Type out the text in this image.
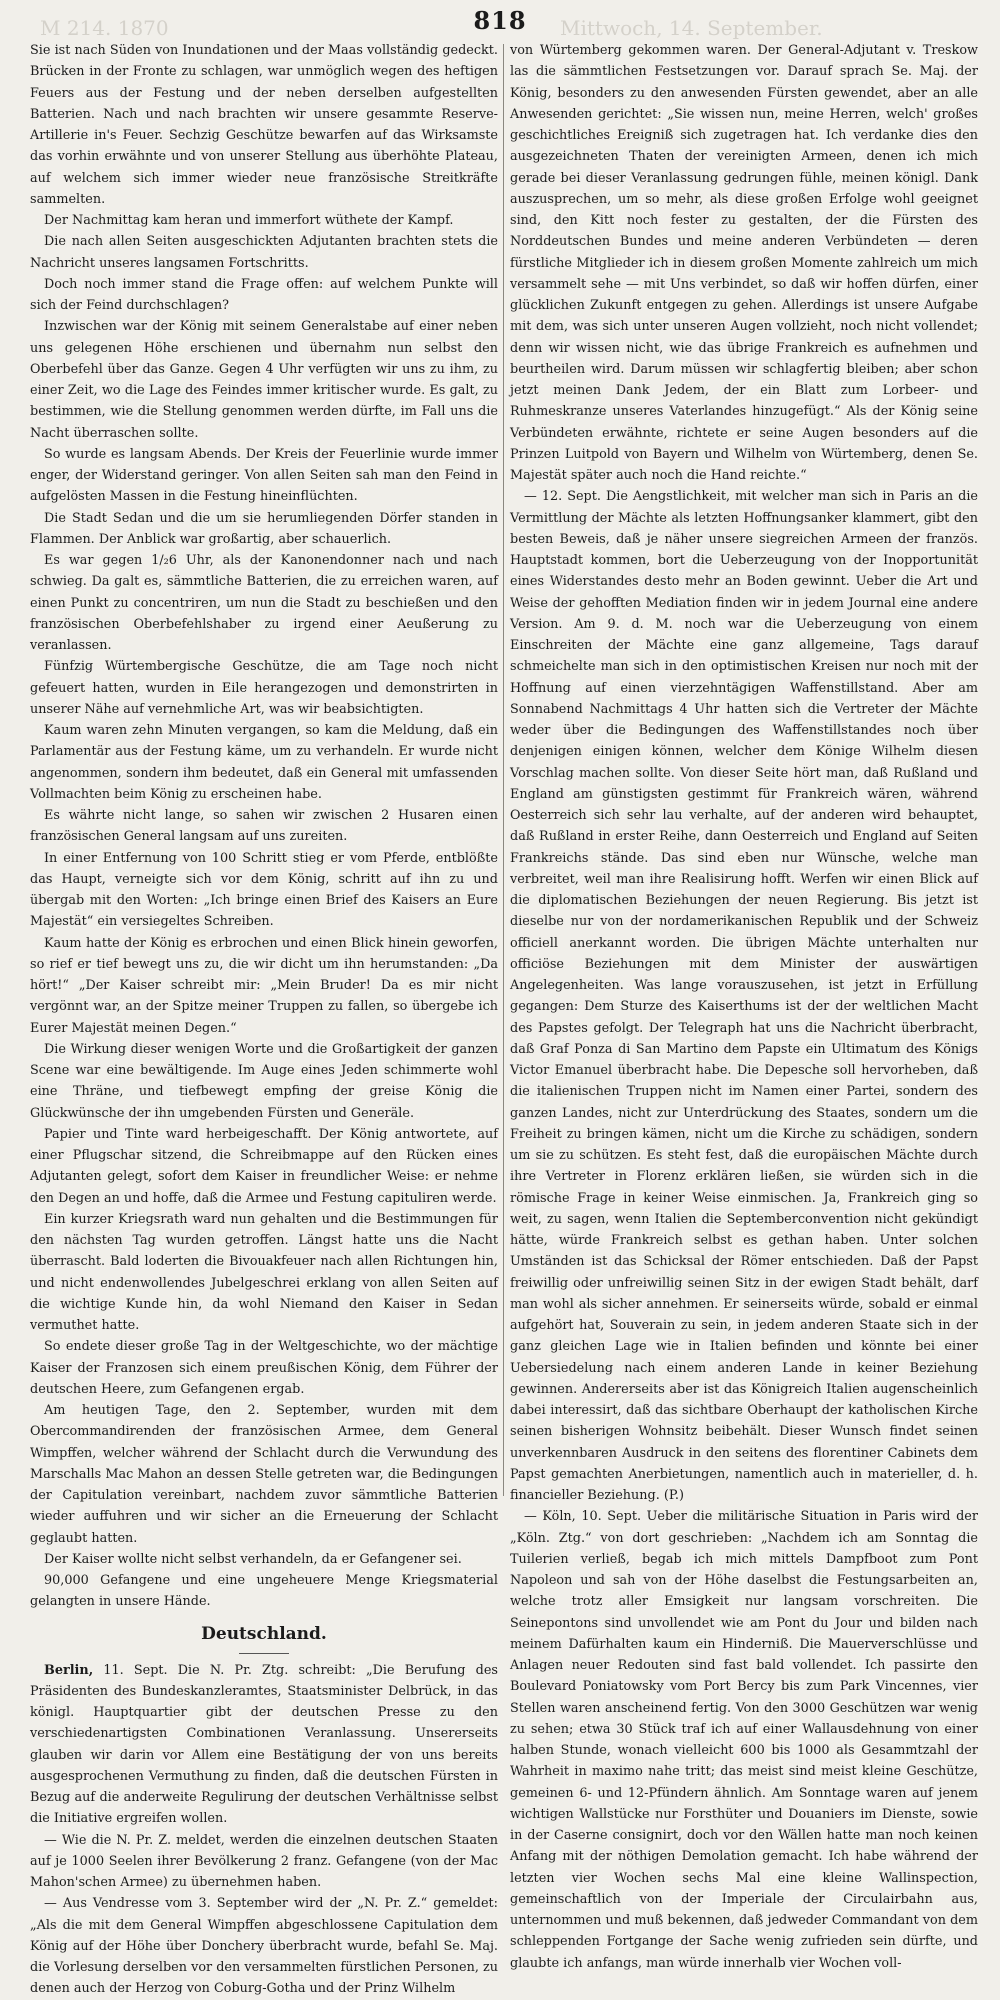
M 214. 1870	818 Mittwoch, 14. September.

Sie ist nach Süden von Inundationen und der Maas vollständig gedeckt. Brücken in der Fronte zu schlagen, war unmöglich wegen des heftigen Feuers aus der Festung und der neben derselben aufgestellten Batterien. Nach und nach brachten wir unsere gesammte Reserve-Artillerie in's Feuer. Sechzig Geschütze bewarfen auf das Wirksamste das vorhin erwähnte und von unserer Stellung aus überhöhte Plateau, auf welchem sich immer wieder neue französische Streitkräfte sammelten.

Der Nachmittag kam heran und immerfort wüthete der Kampf.

Die nach allen Seiten ausgeschickten Adjutanten brachten stets die Nachricht unseres langsamen Fortschritts.

Doch noch immer stand die Frage offen: auf welchem Punkte will sich der Feind durchschlagen?

Inzwischen war der König mit seinem Generalstabe auf einer neben uns gelegenen Höhe erschienen und übernahm nun selbst den Oberbefehl über das Ganze. Gegen 4 Uhr verfügten wir uns zu ihm, zu einer Zeit, wo die Lage des Feindes immer kritischer wurde. Es galt, zu bestimmen, wie die Stellung genommen werden dürfte, im Fall uns die Nacht überraschen sollte.

So wurde es langsam Abends. Der Kreis der Feuerlinie wurde immer enger, der Widerstand geringer. Von allen Seiten sah man den Feind in aufgelösten Massen in die Festung hineinflüchten.

Die Stadt Sedan und die um sie herumliegenden Dörfer standen in Flammen. Der Anblick war großartig, aber schauerlich.

Es war gegen 1/₂6 Uhr, als der Kanonendonner nach und nach schwieg. Da galt es, sämmtliche Batterien, die zu erreichen waren, auf einen Punkt zu concentriren, um nun die Stadt zu beschießen und den französischen Oberbefehlshaber zu irgend einer Aeußerung zu veranlassen.

Fünfzig Würtembergische Geschütze, die am Tage noch nicht gefeuert hatten, wurden in Eile herangezogen und demonstrirten in unserer Nähe auf vernehmliche Art, was wir beabsichtigten.

Kaum waren zehn Minuten vergangen, so kam die Meldung, daß ein Parlamentär aus der Festung käme, um zu verhandeln. Er wurde nicht angenommen, sondern ihm bedeutet, daß ein General mit umfassenden Vollmachten beim König zu erscheinen habe.

Es währte nicht lange, so sahen wir zwischen 2 Husaren einen französischen General langsam auf uns zureiten.

In einer Entfernung von 100 Schritt stieg er vom Pferde, entblößte das Haupt, verneigte sich vor dem König, schritt auf ihn zu und übergab mit den Worten: „Ich bringe einen Brief des Kaisers an Eure Majestät“ ein versiegeltes Schreiben.

Kaum hatte der König es erbrochen und einen Blick hinein geworfen, so rief er tief bewegt uns zu, die wir dicht um ihn herumstanden: „Da hört!“ „Der Kaiser schreibt mir: „Mein Bruder! Da es mir nicht vergönnt war, an der Spitze meiner Truppen zu fallen, so übergebe ich Eurer Majestät meinen Degen.“

Die Wirkung dieser wenigen Worte und die Großartigkeit der ganzen Scene war eine bewältigende. Im Auge eines Jeden schimmerte wohl eine Thräne, und tiefbewegt empfing der greise König die Glückwünsche der ihn umgebenden Fürsten und Generäle.

Papier und Tinte ward herbeigeschafft. Der König antwortete, auf einer Pflugschar sitzend, die Schreibmappe auf den Rücken eines Adjutanten gelegt, sofort dem Kaiser in freundlicher Weise: er nehme den Degen an und hoffe, daß die Armee und Festung capituliren werde.

Ein kurzer Kriegsrath ward nun gehalten und die Bestimmungen für den nächsten Tag wurden getroffen. Längst hatte uns die Nacht überrascht. Bald loderten die Bivouakfeuer nach allen Richtungen hin, und nicht endenwollendes Jubelgeschrei erklang von allen Seiten auf die wichtige Kunde hin, da wohl Niemand den Kaiser in Sedan vermuthet hatte.

So endete dieser große Tag in der Weltgeschichte, wo der mächtige Kaiser der Franzosen sich einem preußischen König, dem Führer der deutschen Heere, zum Gefangenen ergab.

Am heutigen Tage, den 2. September, wurden mit dem Obercommandirenden der französischen Armee, dem General Wimpffen, welcher während der Schlacht durch die Verwundung des Marschalls Mac Mahon an dessen Stelle getreten war, die Bedingungen der Capitulation vereinbart, nachdem zuvor sämmtliche Batterien wieder auffuhren und wir sicher an die Erneuerung der Schlacht geglaubt hatten.

Der Kaiser wollte nicht selbst verhandeln, da er Gefangener sei.

90,000 Gefangene und eine ungeheuere Menge Kriegsmaterial gelangten in unsere Hände.

Deutschland.

Berlin, 11. Sept. Die N. Pr. Ztg. schreibt: „Die Berufung des Präsidenten des Bundeskanzleramtes, Staatsminister Delbrück, in das königl. Hauptquartier gibt der deutschen Presse zu den verschiedenartigsten Combinationen Veranlassung. Unsererseits glauben wir darin vor Allem eine Bestätigung der von uns bereits ausgesprochenen Vermuthung zu finden, daß die deutschen Fürsten in Bezug auf die anderweite Regulirung der deutschen Verhältnisse selbst die Initiative ergreifen wollen.

— Wie die N. Pr. Z. meldet, werden die einzelnen deutschen Staaten auf je 1000 Seelen ihrer Bevölkerung 2 franz. Gefangene (von der Mac Mahon'schen Armee) zu übernehmen haben.

— Aus Vendresse vom 3. September wird der „N. Pr. Z.“ gemeldet: „Als die mit dem General Wimpffen abgeschlossene Capitulation dem König auf der Höhe über Donchery überbracht wurde, befahl Se. Maj. die Vorlesung derselben vor den versammelten fürstlichen Personen, zu denen auch der Herzog von Coburg-Gotha und der Prinz Wilhelm

von Würtemberg gekommen waren. Der General-Adjutant v. Treskow las die sämmtlichen Festsetzungen vor. Darauf sprach Se. Maj. der König, besonders zu den anwesenden Fürsten gewendet, aber an alle Anwesenden gerichtet: „Sie wissen nun, meine Herren, welch' großes geschichtliches Ereigniß sich zugetragen hat. Ich verdanke dies den ausgezeichneten Thaten der vereinigten Armeen, denen ich mich gerade bei dieser Veranlassung gedrungen fühle, meinen königl. Dank auszusprechen, um so mehr, als diese großen Erfolge wohl geeignet sind, den Kitt noch fester zu gestalten, der die Fürsten des Norddeutschen Bundes und meine anderen Verbündeten — deren fürstliche Mitglieder ich in diesem großen Momente zahlreich um mich versammelt sehe — mit Uns verbindet, so daß wir hoffen dürfen, einer glücklichen Zukunft entgegen zu gehen. Allerdings ist unsere Aufgabe mit dem, was sich unter unseren Augen vollzieht, noch nicht vollendet; denn wir wissen nicht, wie das übrige Frankreich es aufnehmen und beurtheilen wird. Darum müssen wir schlagfertig bleiben; aber schon jetzt meinen Dank Jedem, der ein Blatt zum Lorbeer- und Ruhmeskranze unseres Vaterlandes hinzugefügt.“ Als der König seine Verbündeten erwähnte, richtete er seine Augen besonders auf die Prinzen Luitpold von Bayern und Wilhelm von Würtemberg, denen Se. Majestät später auch noch die Hand reichte.“

— 12. Sept. Die Aengstlichkeit, mit welcher man sich in Paris an die Vermittlung der Mächte als letzten Hoffnungsanker klammert, gibt den besten Beweis, daß je näher unsere siegreichen Armeen der französ. Hauptstadt kommen, bort die Ueberzeugung von der Inopportunität eines Widerstandes desto mehr an Boden gewinnt. Ueber die Art und Weise der gehofften Mediation finden wir in jedem Journal eine andere Version. Am 9. d. M. noch war die Ueberzeugung von einem Einschreiten der Mächte eine ganz allgemeine, Tags darauf schmeichelte man sich in den optimistischen Kreisen nur noch mit der Hoffnung auf einen vierzehntägigen Waffenstillstand. Aber am Sonnabend Nachmittags 4 Uhr hatten sich die Vertreter der Mächte weder über die Bedingungen des Waffenstillstandes noch über denjenigen einigen können, welcher dem Könige Wilhelm diesen Vorschlag machen sollte. Von dieser Seite hört man, daß Rußland und England am günstigsten gestimmt für Frankreich wären, während Oesterreich sich sehr lau verhalte, auf der anderen wird behauptet, daß Rußland in erster Reihe, dann Oesterreich und England auf Seiten Frankreichs stände. Das sind eben nur Wünsche, welche man verbreitet, weil man ihre Realisirung hofft. Werfen wir einen Blick auf die diplomatischen Beziehungen der neuen Regierung. Bis jetzt ist dieselbe nur von der nordamerikanischen Republik und der Schweiz officiell anerkannt worden. Die übrigen Mächte unterhalten nur officiöse Beziehungen mit dem Minister der auswärtigen Angelegenheiten. Was lange vorauszusehen, ist jetzt in Erfüllung gegangen: Dem Sturze des Kaiserthums ist der der weltlichen Macht des Papstes gefolgt. Der Telegraph hat uns die Nachricht überbracht, daß Graf Ponza di San Martino dem Papste ein Ultimatum des Königs Victor Emanuel überbracht habe. Die Depesche soll hervorheben, daß die italienischen Truppen nicht im Namen einer Partei, sondern des ganzen Landes, nicht zur Unterdrückung des Staates, sondern um die Freiheit zu bringen kämen, nicht um die Kirche zu schädigen, sondern um sie zu schützen. Es steht fest, daß die europäischen Mächte durch ihre Vertreter in Florenz erklären ließen, sie würden sich in die römische Frage in keiner Weise einmischen. Ja, Frankreich ging so weit, zu sagen, wenn Italien die Septemberconvention nicht gekündigt hätte, würde Frankreich selbst es gethan haben. Unter solchen Umständen ist das Schicksal der Römer entschieden. Daß der Papst freiwillig oder unfreiwillig seinen Sitz in der ewigen Stadt behält, darf man wohl als sicher annehmen. Er seinerseits würde, sobald er einmal aufgehört hat, Souverain zu sein, in jedem anderen Staate sich in der ganz gleichen Lage wie in Italien befinden und könnte bei einer Uebersiedelung nach einem anderen Lande in keiner Beziehung gewinnen. Andererseits aber ist das Königreich Italien augenscheinlich dabei interessirt, daß das sichtbare Oberhaupt der katholischen Kirche seinen bisherigen Wohnsitz beibehält. Dieser Wunsch findet seinen unverkennbaren Ausdruck in den seitens des florentiner Cabinets dem Papst gemachten Anerbietungen, namentlich auch in materieller, d. h. financieller Beziehung. (P.)

— Köln, 10. Sept. Ueber die militärische Situation in Paris wird der „Köln. Ztg.“ von dort geschrieben: „Nachdem ich am Sonntag die Tuilerien verließ, begab ich mich mittels Dampfboot zum Pont Napoleon und sah von der Höhe daselbst die Festungsarbeiten an, welche trotz aller Emsigkeit nur langsam vorschreiten. Die Seinepontons sind unvollendet wie am Pont du Jour und bilden nach meinem Dafürhalten kaum ein Hinderniß. Die Mauerverschlüsse und Anlagen neuer Redouten sind fast bald vollendet. Ich passirte den Boulevard Poniatowsky vom Port Bercy bis zum Park Vincennes, vier Stellen waren anscheinend fertig. Von den 3000 Geschützen war wenig zu sehen; etwa 30 Stück traf ich auf einer Wallausdehnung von einer halben Stunde, wonach vielleicht 600 bis 1000 als Gesammtzahl der Wahrheit in maximo nahe tritt; das meist sind meist kleine Geschütze, gemeinen 6- und 12-Pfündern ähnlich. Am Sonntage waren auf jenem wichtigen Wallstücke nur Forsthüter und Douaniers im Dienste, sowie in der Caserne consignirt, doch vor den Wällen hatte man noch keinen Anfang mit der nöthigen Demolation gemacht. Ich habe während der letzten vier Wochen sechs Mal eine kleine Wallinspection, gemeinschaftlich von der Imperiale der Circulairbahn aus, unternommen und muß bekennen, daß jedweder Commandant von dem schleppenden Fortgange der Sache wenig zufrieden sein dürfte, und glaubte ich anfangs, man würde innerhalb vier Wochen voll-
